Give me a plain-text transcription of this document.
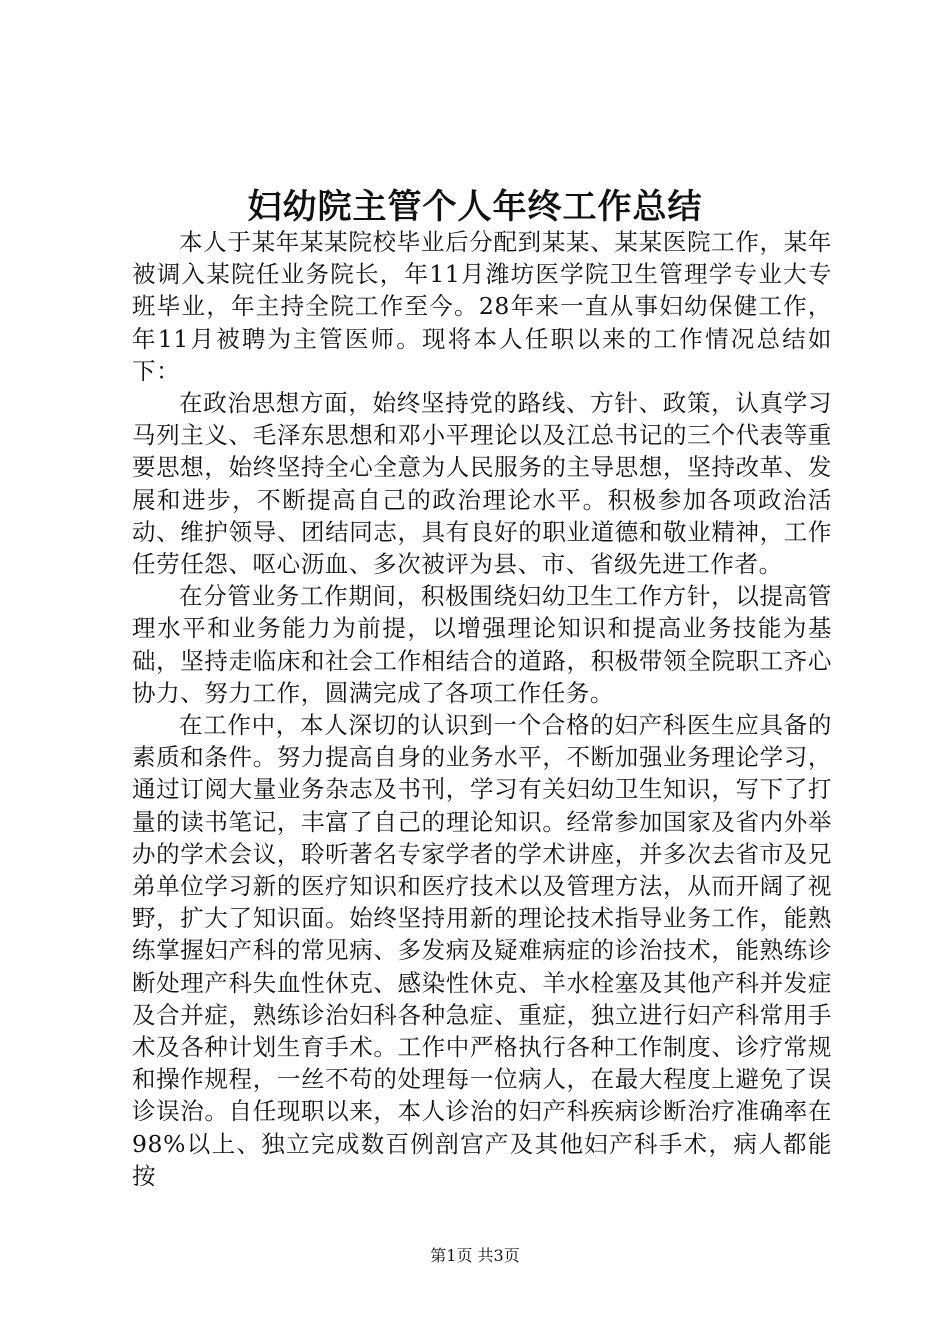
妇幼院主管个人年终工作总结

本人于某年某某院校毕业后分配到某某、某某医院工作，某年被调入某院任业务院长，年11月潍坊医学院卫生管理学专业大专班毕业，年主持全院工作至今。28年来一直从事妇幼保健工作，年11月被聘为主管医师。现将本人任职以来的工作情况总结如下：

在政治思想方面，始终坚持党的路线、方针、政策，认真学习马列主义、毛泽东思想和邓小平理论以及江总书记的三个代表等重要思想，始终坚持全心全意为人民服务的主导思想，坚持改革、发展和进步，不断提高自己的政治理论水平。积极参加各项政治活动、维护领导、团结同志，具有良好的职业道德和敬业精神，工作任劳任怨、呕心沥血、多次被评为县、市、省级先进工作者。

在分管业务工作期间，积极围绕妇幼卫生工作方针，以提高管理水平和业务能力为前提，以增强理论知识和提高业务技能为基础，坚持走临床和社会工作相结合的道路，积极带领全院职工齐心协力、努力工作，圆满完成了各项工作任务。

在工作中，本人深切的认识到一个合格的妇产科医生应具备的素质和条件。努力提高自身的业务水平，不断加强业务理论学习，通过订阅大量业务杂志及书刊，学习有关妇幼卫生知识，写下了打量的读书笔记，丰富了自己的理论知识。经常参加国家及省内外举办的学术会议，聆听著名专家学者的学术讲座，并多次去省市及兄弟单位学习新的医疗知识和医疗技术以及管理方法，从而开阔了视野，扩大了知识面。始终坚持用新的理论技术指导业务工作，能熟练掌握妇产科的常见病、多发病及疑难病症的诊治技术，能熟练诊断处理产科失血性休克、感染性休克、羊水栓塞及其他产科并发症及合并症，熟练诊治妇科各种急症、重症，独立进行妇产科常用手术及各种计划生育手术。工作中严格执行各种工作制度、诊疗常规和操作规程，一丝不苟的处理每一位病人，在最大程度上避免了误诊误治。自任现职以来，本人诊治的妇产科疾病诊断治疗准确率在98%以上、独立完成数百例剖宫产及其他妇产科手术，病人都能按

第1页 共3页
